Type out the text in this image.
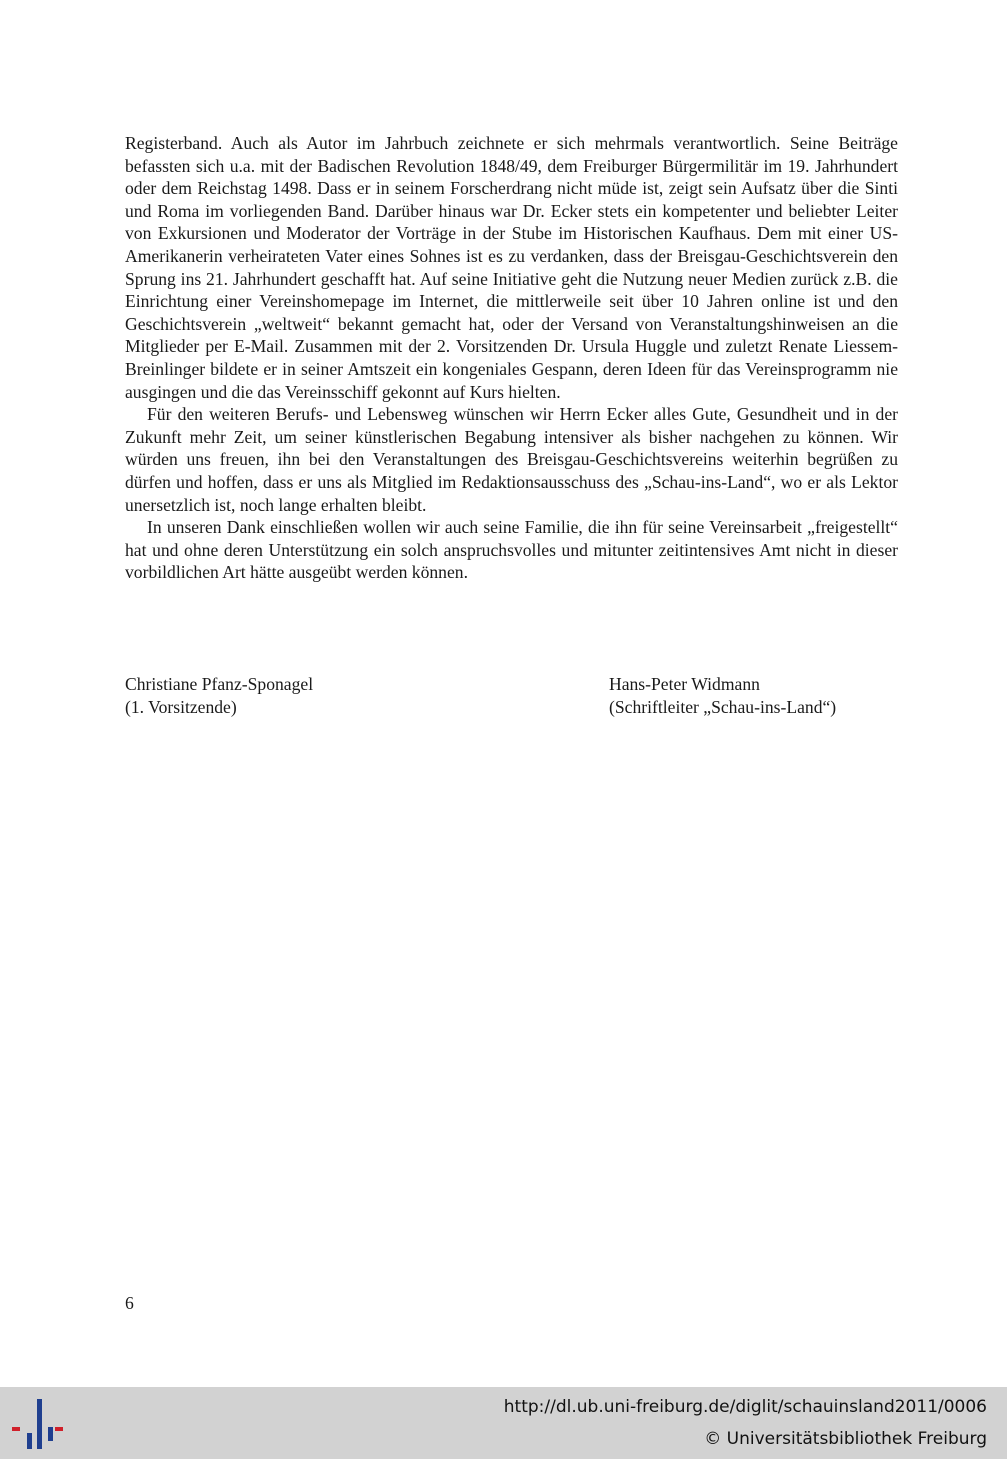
Registerband. Auch als Autor im Jahrbuch zeichnete er sich mehrmals verantwortlich. Seine Beiträge befassten sich u.a. mit der Badischen Revolution 1848/49, dem Freiburger Bürgermilitär im 19. Jahrhundert oder dem Reichstag 1498. Dass er in seinem Forscherdrang nicht müde ist, zeigt sein Aufsatz über die Sinti und Roma im vorliegenden Band. Darüber hinaus war Dr. Ecker stets ein kompetenter und beliebter Leiter von Exkursionen und Moderator der Vorträge in der Stube im Historischen Kaufhaus. Dem mit einer US-Amerikanerin verheirateten Vater eines Sohnes ist es zu verdanken, dass der Breisgau-Geschichtsverein den Sprung ins 21. Jahrhundert geschafft hat. Auf seine Initiative geht die Nutzung neuer Medien zurück z.B. die Einrichtung einer Vereinshomepage im Internet, die mittlerweile seit über 10 Jahren online ist und den Geschichtsverein „weltweit“ bekannt gemacht hat, oder der Versand von Veranstaltungshinweisen an die Mitglieder per E-Mail. Zusammen mit der 2. Vorsitzenden Dr. Ursula Huggle und zuletzt Renate Liessem-Breinlinger bildete er in seiner Amtszeit ein kongeniales Gespann, deren Ideen für das Vereinsprogramm nie ausgingen und die das Vereinsschiff gekonnt auf Kurs hielten.

Für den weiteren Berufs- und Lebensweg wünschen wir Herrn Ecker alles Gute, Gesundheit und in der Zukunft mehr Zeit, um seiner künstlerischen Begabung intensiver als bisher nachgehen zu können. Wir würden uns freuen, ihn bei den Veranstaltungen des Breisgau-Geschichtsvereins weiterhin begrüßen zu dürfen und hoffen, dass er uns als Mitglied im Redaktionsausschuss des „Schau-ins-Land“, wo er als Lektor unersetzlich ist, noch lange erhalten bleibt.

In unseren Dank einschließen wollen wir auch seine Familie, die ihn für seine Vereinsarbeit „freigestellt“ hat und ohne deren Unterstützung ein solch anspruchsvolles und mitunter zeitintensives Amt nicht in dieser vorbildlichen Art hätte ausgeübt werden können.

Christiane Pfanz-Sponagel
(1. Vorsitzende)
Hans-Peter Widmann
(Schriftleiter „Schau-ins-Land“)
6
http://dl.ub.uni-freiburg.de/diglit/schauinsland2011/0006
© Universitätsbibliothek Freiburg
